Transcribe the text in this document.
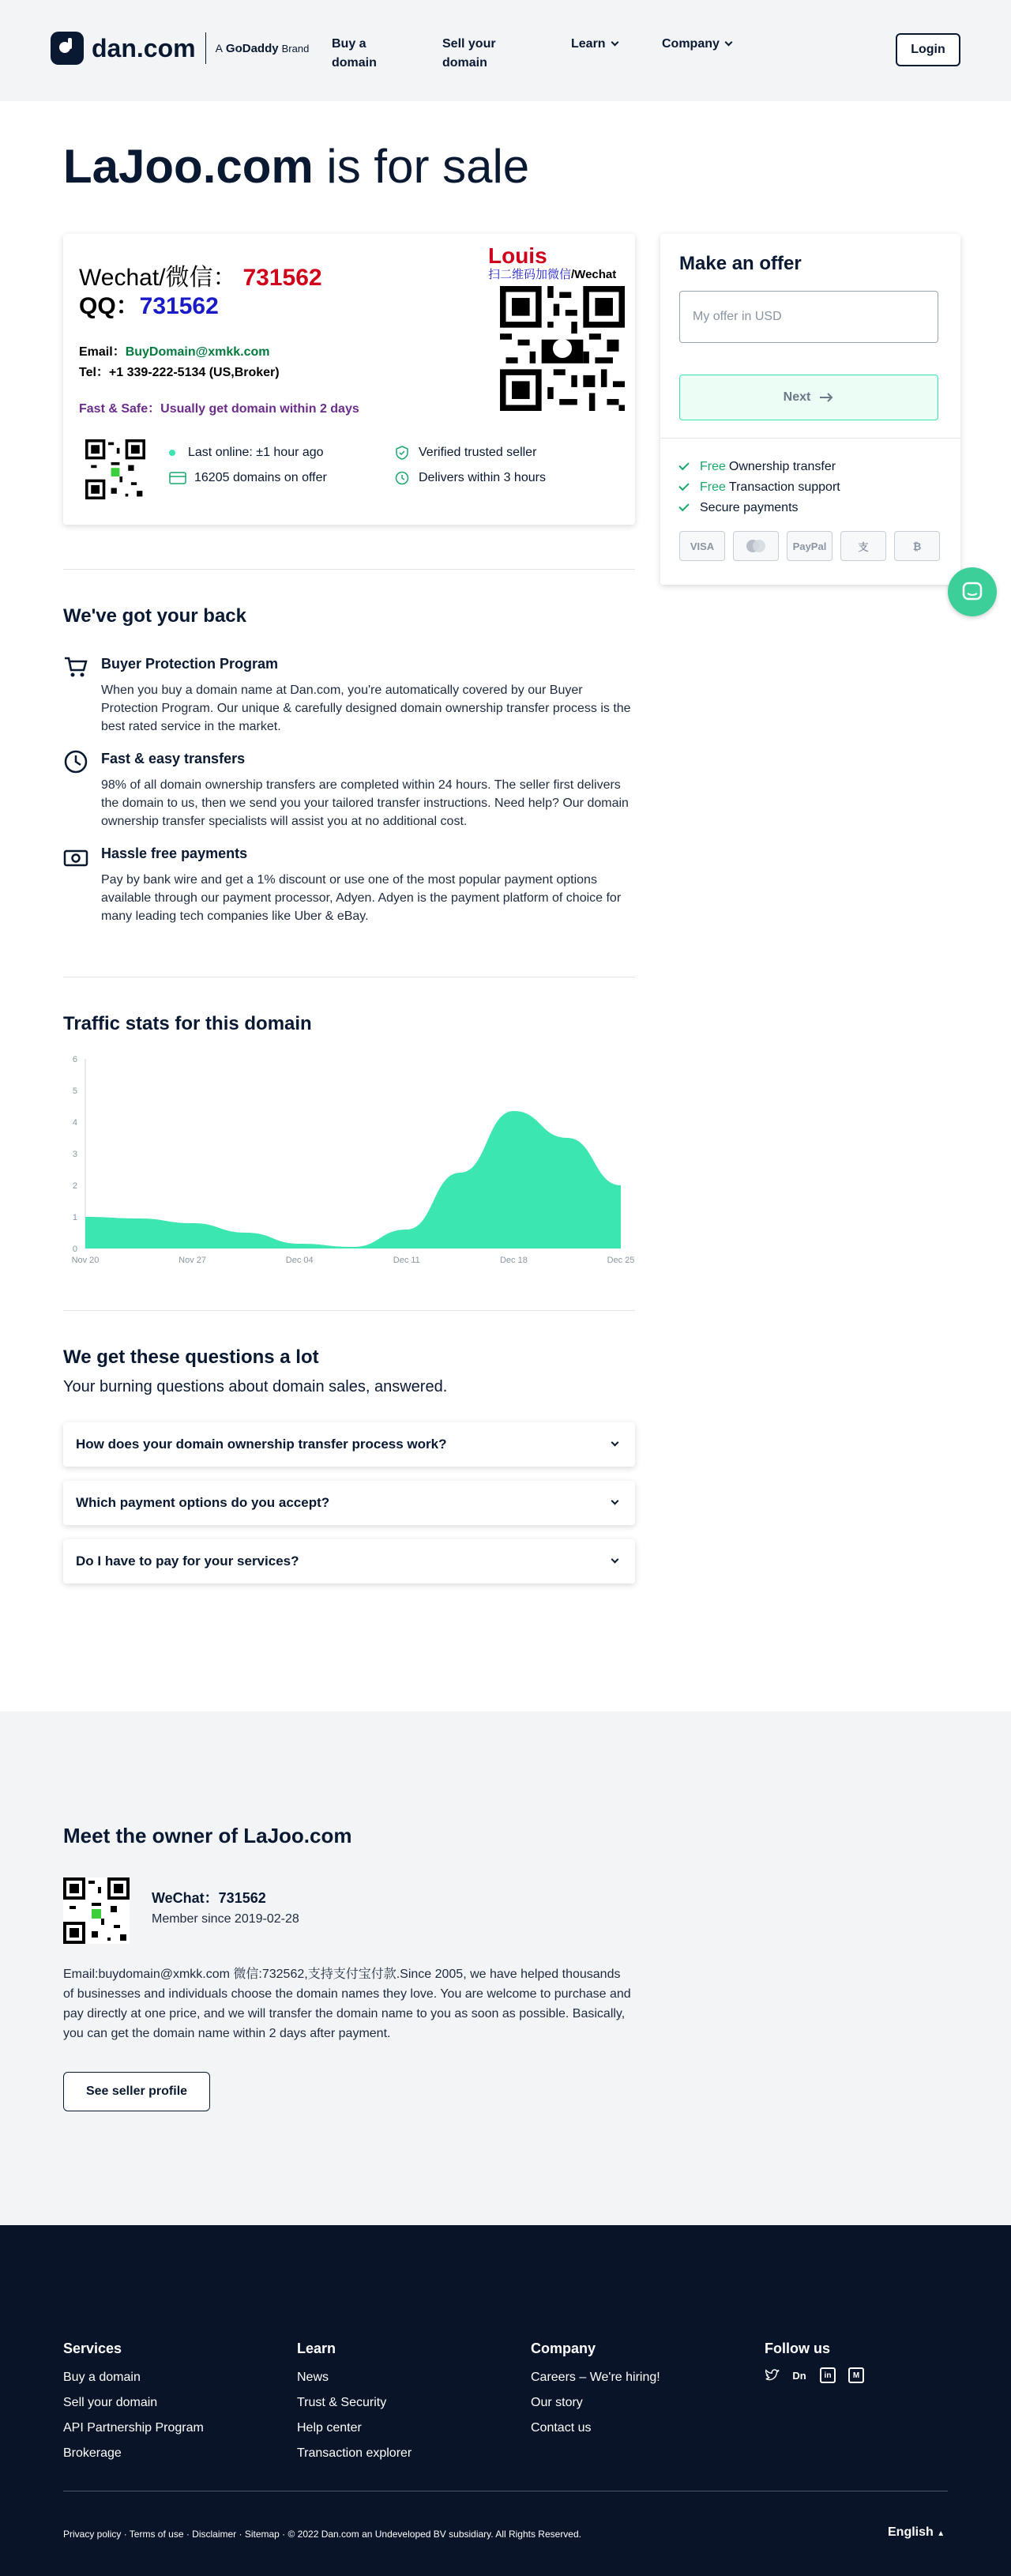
dan.com A GoDaddy Brand Buy a
domain
Sell your
domain
Learn	Company	Login
LaJoo.com is for sale
Wechat/微信： 731562
QQ：731562
Email：BuyDomain@xmkk.com
Tel：+1 339-222-5134 (US,Broker)
Fast & Safe：Usually get domain within 2 days
Louis
扫二维码加微信/Wechat
Last online: ±1 hour ago
16205 domains on offer
Verified trusted seller
Delivers within 3 hours
Make an offer
My offer in USD
Next
Free Ownership transfer
Free Transaction support
Secure payments
VISA	PayPal	支	₿
We've got your back
Buyer Protection Program
When you buy a domain name at Dan.com, you're automatically covered by our Buyer Protection Program. Our unique & carefully designed domain ownership transfer process is the best rated service in the market.
Fast & easy transfers
98% of all domain ownership transfers are completed within 24 hours. The seller first delivers the domain to us, then we send you your tailored transfer instructions. Need help? Our domain ownership transfer specialists will assist you at no additional cost.
Hassle free payments
Pay by bank wire and get a 1% discount or use one of the most popular payment options available through our payment processor, Adyen. Adyen is the payment platform of choice for many leading tech companies like Uber & eBay.
Traffic stats for this domain
0
1
2
3
4
5
6
Nov 20	Nov 27	Dec 04	Dec 11	Dec 18	Dec 25
We get these questions a lot
Your burning questions about domain sales, answered.
How does your domain ownership transfer process work?
Which payment options do you accept?
Do I have to pay for your services?
Meet the owner of LaJoo.com
WeChat：731562
Member since 2019-02-28
Email:buydomain@xmkk.com 微信:732562,支持支付宝付款.Since 2005, we have helped thousands of businesses and individuals choose the domain names they love. You are welcome to purchase and pay directly at one price, and we will transfer the domain name to you as soon as possible. Basically, you can get the domain name within 2 days after payment.
See seller profile
Services
Buy a domain
Sell your domain
API Partnership Program
Brokerage
Learn
News
Trust & Security
Help center
Transaction explorer
Company
Careers – We're hiring!
Our story
Contact us
Follow us
Dn	in	M
Privacy policy · Terms of use · Disclaimer · Sitemap · © 2022 Dan.com an Undeveloped BV subsidiary. All Rights Reserved.	English ▲
